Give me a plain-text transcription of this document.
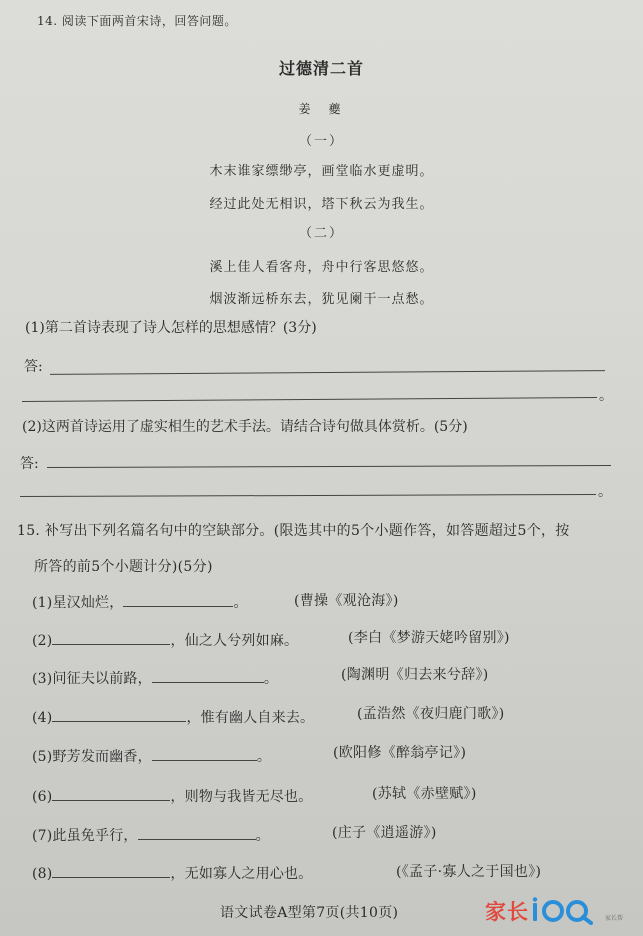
14. 阅读下面两首宋诗，回答问题。
过德清二首
姜夔
（一）
木末谁家缥缈亭，画堂临水更虚明。
经过此处无相识，塔下秋云为我生。
（二）
溪上佳人看客舟，舟中行客思悠悠。
烟波渐远桥东去，犹见阑干一点愁。
(1)第二首诗表现了诗人怎样的思想感情？(3分)
答:
。
(2)这两首诗运用了虚实相生的艺术手法。请结合诗句做具体赏析。(5分)
答:
。
15. 补写出下列名篇名句中的空缺部分。(限选其中的5个小题作答，如答题超过5个，按
所答的前5个小题计分)(5分)
(1)星汉灿烂，	。	(曹操《观沧海》)
(2)	，仙之人兮列如麻。	(李白《梦游天姥吟留别》)
(3)问征夫以前路，	。	(陶渊明《归去来兮辞》)
(4)	，惟有幽人自来去。	(孟浩然《夜归鹿门歌》)
(5)野芳发而幽香，	。	(欧阳修《醉翁亭记》)
(6)	，则物与我皆无尽也。	(苏轼《赤壁赋》)
(7)此虽免乎行，	。	(庄子《逍遥游》)
(8)	，无如寡人之用心也。	(《孟子·寡人之于国也》)
语文试卷A型第7页(共10页)	家长	家长帮
